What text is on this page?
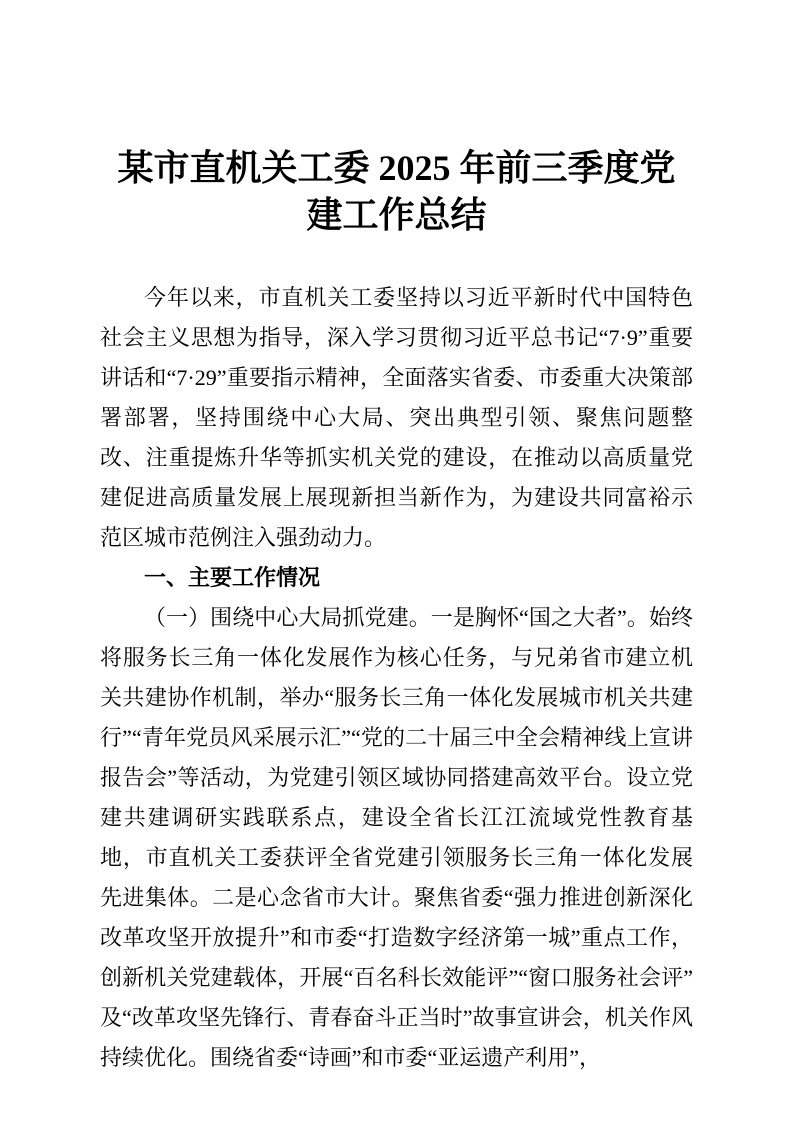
某市直机关工委 2025 年前三季度党建工作总结

今年以来，市直机关工委坚持以习近平新时代中国特色社会主义思想为指导，深入学习贯彻习近平总书记“7·9”重要讲话和“7·29”重要指示精神，全面落实省委、市委重大决策部署部署，坚持围绕中心大局、突出典型引领、聚焦问题整改、注重提炼升华等抓实机关党的建设，在推动以高质量党建促进高质量发展上展现新担当新作为，为建设共同富裕示范区城市范例注入强劲动力。

一、主要工作情况

（一）围绕中心大局抓党建。一是胸怀“国之大者”。始终将服务长三角一体化发展作为核心任务，与兄弟省市建立机关共建协作机制，举办“服务长三角一体化发展城市机关共建行”“青年党员风采展示汇”“党的二十届三中全会精神线上宣讲报告会”等活动，为党建引领区域协同搭建高效平台。设立党建共建调研实践联系点，建设全省长江江流域党性教育基地，市直机关工委获评全省党建引领服务长三角一体化发展先进集体。二是心念省市大计。聚焦省委“强力推进创新深化改革攻坚开放提升”和市委“打造数字经济第一城”重点工作，创新机关党建载体，开展“百名科长效能评”“窗口服务社会评”及“改革攻坚先锋行、青春奋斗正当时”故事宣讲会，机关作风持续优化。围绕省委“诗画”和市委“亚运遗产利用”，
